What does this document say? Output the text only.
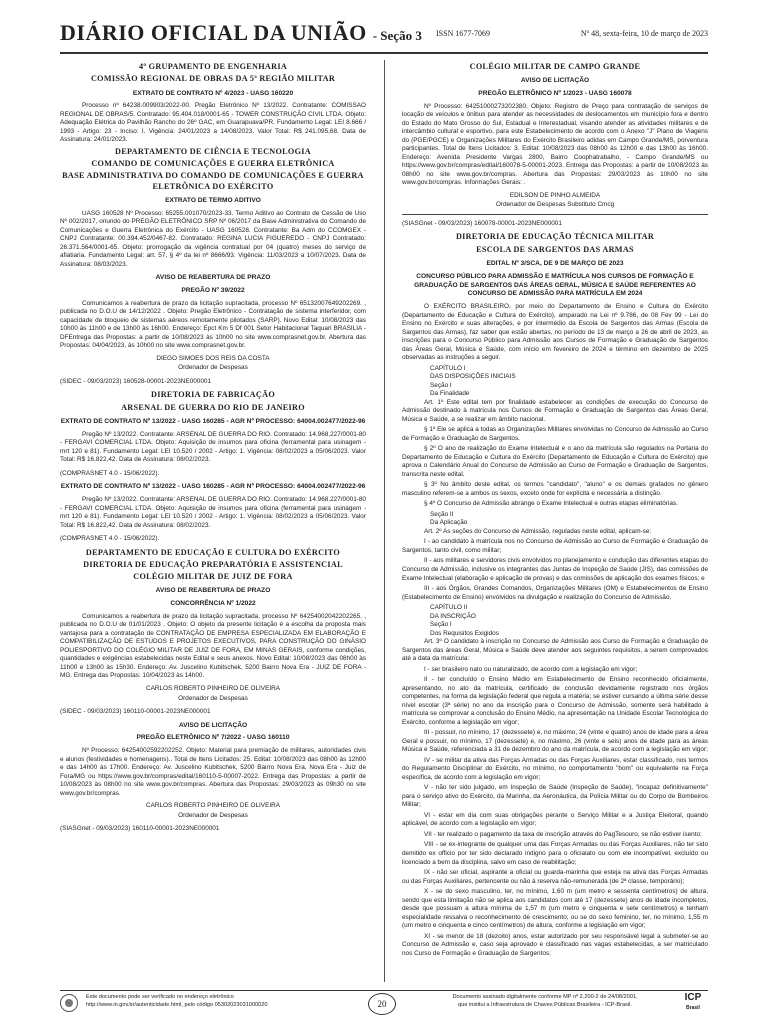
DIÁRIO OFICIAL DA UNIÃO - Seção 3 ISSN 1677-7069	Nº 48, sexta-feira, 10 de março de 2023
4º GRUPAMENTO DE ENGENHARIA
COMISSÃO REGIONAL DE OBRAS DA 5ª REGIÃO MILITAR
EXTRATO DE CONTRATO Nº 4/2023 - UASG 160220

Processo nº 64238.009903/2022-00. Pregão Eletrônico Nº 13/2022. Contratante: COMISSAO REGIONAL DE OBRAS/5. Contratado: 95.404.018/0001-65 - TOWER CONSTRUÇÃO CIVIL LTDA. Objeto: Adequação Elétrica do Pavilhão Rancho do 26º GAC, em Guarapuava/PR. Fundamento Legal: LEI 8.666 / 1993 - Artigo: 23 - Inciso: I. Vigência: 24/01/2023 a 14/08/2023. Valor Total: R$ 241.095,68. Data de Assinatura: 24/01/2023.

DEPARTAMENTO DE CIÊNCIA E TECNOLOGIA
COMANDO DE COMUNICAÇÕES E GUERRA ELETRÔNICA
BASE ADMINISTRATIVA DO COMANDO DE COMUNICAÇÕES E GUERRA ELETRÔNICA DO EXÉRCITO
EXTRATO DE TERMO ADITIVO

UASG 160528 Nº Processo: 65255.001070/2023-33. Termo Aditivo ao Contrato de Cessão de Uso Nº 002/2017, oriundo do PREGÃO ELETRÔNICO SRP Nº 06/2017 da Base Administrativa do Comando de Comunicações e Guerra Eletrônica do Exército - UASG 160528. Contratante: Ba Adm do CCOMGEX - CNPJ Contratante: 00.394.452/0467-82. Contratado: REGINA LUCIA FIGUEREDO - CNPJ Contratado: 26.371.564/0001-65. Objeto: prorrogação da vigência contratual por 04 (quatro) meses do serviço de afiatiaria. Fundamento Legal: art. 57, § 4º da lei nº 8666/93. Vigência: 11/03/2023 a 10/07/2023. Data de Assinatura: 08/03/2023.

AVISO DE REABERTURA DE PRAZO
PREGÃO Nº 39/2022

Comunicamos a reabertura de prazo da licitação supracitada, processo Nº 65132007649202269. , publicada no D.O.U de 14/12/2022 . Objeto: Pregão Eletrônico - Contratação de sistema interferidor, com capacidade de bloqueio de sistemas aéreos remotamente pilotados (SARP). Novo Edital: 10/08/2023 das 10h00 às 11h00 e de 13h00 às 16h00. Endereço: Epct Km 5 Df 001 Setor Habitacional Taquari BRASILIA - DFEntrega das Propostas: a partir de 10/08/2023 às 10h00 no site www.comprasnet.gov.br. Abertura das Propostas: 04/04/2023, às 10h00 no site www.comprasnet.gov.br.

DIEGO SIMOES DOS REIS DA COSTA
Ordenador de Despesas
(SIDEC - 09/03/2023) 160528-00001-2023NE000001
DIRETORIA DE FABRICAÇÃO
ARSENAL DE GUERRA DO RIO DE JANEIRO
EXTRATO DE CONTRATO Nº 13/2022 - UASG 160285 - AGR Nº PROCESSO: 64004.002477/2022-96

Pregão Nº 13/2022. Contratante: ARSENAL DE GUERRA DO RIO. Contratado: 14.968.227/0001-80 - FERGAVI COMERCIAL LTDA. Objeto: Aquisição de insumos para oficina (ferramental para usinagem - mrt 120 e 81). Fundamento Legal: LEI 10.520 / 2002 - Artigo: 1. Vigência: 08/02/2023 a 05/06/2023. Valor Total: R$ 16.822,42. Data de Assinatura: 08/02/2023.

(COMPRASNET 4.0 - 15/06/2022).
EXTRATO DE CONTRATO Nº 13/2022 - UASG 160285 - AGR Nº PROCESSO: 64004.002477/2022-96

Pregão Nº 13/2022. Contratante: ARSENAL DE GUERRA DO RIO. Contratado: 14.968.227/0001-80 - FERGAVI COMERCIAL LTDA. Objeto: Aquisição de insumos para oficina (ferramental para usinagem - mrt 120 e 81). Fundamento Legal: LEI 10.520 / 2002 - Artigo: 1. Vigência: 08/02/2023 a 05/06/2023. Valor Total: R$ 16.822,42. Data de Assinatura: 08/02/2023.

(COMPRASNET 4.0 - 15/06/2022).
DEPARTAMENTO DE EDUCAÇÃO E CULTURA DO EXÉRCITO
DIRETORIA DE EDUCAÇÃO PREPARATÓRIA E ASSISTENCIAL
COLÉGIO MILITAR DE JUIZ DE FORA
AVISO DE REABERTURA DE PRAZO
CONCORRÊNCIA Nº 1/2022

Comunicamos a reabertura de prazo da licitação supracitada, processo Nº 64254002042202265. , publicada no D.O.U de 01/01/2023 . Objeto: O objeto da presente licitação é a escolha da proposta mais vantajosa para a contratação de CONTRATAÇÃO DE EMPRESA ESPECIALIZADA EM ELABORAÇÃO E COMPATIBILIZAÇÃO DE ESTUDOS E PROJETOS EXECUTIVOS, PARA CONSTRUÇÃO DO GINÁSIO POLIESPORTIVO DO COLÉGIO MILITAR DE JUIZ DE FORA, EM MINAS GERAIS, conforme condições, quantidades e exigências estabelecidas neste Edital e seus anexos. Novo Edital: 10/08/2023 das 08h00 às 11h00 e 13h00 às 15h30. Endereço: Av. Juscelino Kubitschek, 5200 Bairro Nova Era - JUIZ DE FORA - MG. Entrega das Propostas: 10/04/2023 às 14h00.

CARLOS ROBERTO PINHEIRO DE OLIVEIRA
Ordenador de Despesas
(SIDEC - 09/03/2023) 160110-00001-2023NE000001
AVISO DE LICITAÇÃO
PREGÃO ELETRÔNICO Nº 7/2022 - UASG 160110

Nº Processo: 64254002592202252. Objeto: Material para premiação de militares, autoridades civis e alunos (festividades e homenagens).. Total de Itens Licitados: 25. Edital: 10/08/2023 das 08h00 às 12h00 e das 14h00 às 17h00. Endereço: Av. Juscelino Kubitschek, 5200 Bairro Nova Era, Nova Era - Juiz de Fora/MG ou https://www.gov.br/compras/edital/160110-5-00007-2022. Entrega das Propostas: a partir de 10/08/2023 às 08h00 no site www.gov.br/compras. Abertura das Propostas: 29/03/2023 às 09h30 no site www.gov.br/compras.

CARLOS ROBERTO PINHEIRO DE OLIVEIRA
Ordenador de Despesas
(SIASGnet - 09/03/2023) 160110-00001-2023NE000001
COLÉGIO MILITAR DE CAMPO GRANDE
AVISO DE LICITAÇÃO
PREGÃO ELETRÔNICO Nº 1/2023 - UASG 160078

Nº Processo: 64251000273202380. Objeto: Registro de Preço para contratação de serviços de locação de veículos e ônibus para atender as necessidades de deslocamentos em município fora e dentro do Estado do Mato Grosso do Sul, Estadual e Interestadual, visando atender as atividades militares e de intercâmbio cultural e esportivo, para este Estabelecimento de acordo com o Anexo "J" Plano de Viagens do (PGE/PGCE) e Organizações Militares do Exército Brasileiro adidas em Campo Grande/MS, porventura participantes. Total de Itens Licitados: 3. Edital: 10/08/2023 das 08h00 às 12h00 e das 13h00 às 16h00. Endereço: Avenida Presidente Vargas 2800, Bairro Coophatrabalho, - Campo Grande/MS ou https://www.gov.br/compras/edital/160078-5-00001-2023. Entrega das Propostas: a partir de 10/08/2023 às 08h00 no site www.gov.br/compras. Abertura das Propostas: 29/03/2023 às 10h00 no site www.gov.br/compras. Informações Gerais: .

EDILSON DE PINHO ALMEIDA
Ordenador de Despesas Substituto Cmcg
(SIASGnet - 09/03/2023) 160078-00001-2023NE000001
DIRETORIA DE EDUCAÇÃO TÉCNICA MILITAR
ESCOLA DE SARGENTOS DAS ARMAS
EDITAL Nº 3/SCA, DE 9 DE MARÇO DE 2023
CONCURSO PÚBLICO PARA ADMISSÃO E MATRÍCULA NOS CURSOS DE FORMAÇÃO E GRADUAÇÃO DE SARGENTOS DAS ÁREAS GERAL, MÚSICA E SAÚDE REFERENTES AO CONCURSO DE ADMISSÃO PARA MATRÍCULA EM 2024

O EXÉRCITO BRASILEIRO, por meio do Departamento de Ensino e Cultura do Exército (Departamento de Educação e Cultura do Exército), amparado na Lei nº 9.786, de 08 Fev 99 - Lei do Ensino no Exército e suas alterações, e por intermédio da Escola de Sargentos das Armas (Escola de Sargentos das Armas), faz saber que estão abertas, no período de 13 de março a 26 de abril de 2023, as inscrições para o Concurso Público para Admissão aos Cursos de Formação e Graduação de Sargentos das Áreas Geral, Música e Saúde, com início em fevereiro de 2024 e término em dezembro de 2025 observadas as instruções a seguir.

CAPÍTULO I

DAS DISPOSIÇÕES INICIAIS

Seção I

Da Finalidade

Art. 1º Este edital tem por finalidade estabelecer as condições de execução do Concurso de Admissão destinado à matrícula nos Cursos de Formação e Graduação de Sargentos das Áreas Geral, Música e Saúde, a se realizar em âmbito nacional.

§ 1º Ele se aplica a todas as Organizações Militares envolvidas no Concurso de Admissão ao Curso de Formação e Graduação de Sargentos.

§ 2º O ano de realização do Exame Intelectual e o ano da matrícula são regulados na Portaria do Departamento de Educação e Cultura do Exército (Departamento de Educação e Cultura do Exército) que aprova o Calendário Anual do Concurso de Admissão ao Curso de Formação e Graduação de Sargentos, transcrita neste edital.

§ 3º No âmbito deste edital, os termos "candidato", "aluno" e os demais grafados no gênero masculino referem-se a ambos os sexos, exceto onde for explícita e necessária a distinção.

§ 4º O Concurso de Admissão abrange o Exame Intelectual e outras etapas eliminatórias.

Seção II

Da Aplicação

Art. 2º As seções do Concurso de Admissão, reguladas neste edital, aplicam-se:

I - ao candidato à matrícula nos no Concurso de Admissão ao Curso de Formação e Graduação de Sargentos, tanto civil, como militar;

II - aos militares e servidores civis envolvidos no planejamento e condução das diferentes etapas do Concurso de Admissão, inclusive os integrantes das Juntas de Inspeção de Saúde (JIS), das comissões de Exame Intelectual (elaboração e aplicação de provas) e das comissões de aplicação dos exames físicos; e

III - aos Órgãos, Grandes Comandos, Organizações Militares (OM) e Estabelecimentos de Ensino (Estabelecimento de Ensino) envolvidos na divulgação e realização do Concurso de Admissão.

CAPÍTULO II

DA INSCRIÇÃO

Seção I

Dos Requisitos Exigidos

Art. 3º O candidato à inscrição no Concurso de Admissão aos Curso de Formação e Graduação de Sargentos das áreas Geral, Música e Saúde deve atender aos seguintes requisitos, a serem comprovados até a data da matrícula:

I - ser brasileiro nato ou naturalizado, de acordo com a legislação em vigor;

II - ter concluído o Ensino Médio em Estabelecimento de Ensino reconhecido oficialmente, apresentando, no ato da matrícula, certificado de conclusão devidamente registrado nos órgãos competentes, na forma da legislação federal que regula a matéria; se estiver cursando a última série desse nível escolar (3ª série) no ano da inscrição para o Concurso de Admissão, somente será habilitado à matrícula se comprovar a conclusão do Ensino Médio, na apresentação na Unidade Escolar Tecnológica do Exército, conforme a legislação em vigor;

III - possuir, no mínimo, 17 (dezessete) e, no máximo, 24 (vinte e quatro) anos de idade para a área Geral e possuir, no mínimo, 17 (dezessete) e, no máximo, 26 (vinte e seis) anos de idade para as áreas Música e Saúde, referenciada a 31 de dezembro do ano da matrícula, de acordo com a legislação em vigor;

IV - se militar da ativa das Forças Armadas ou das Forças Auxiliares, estar classificado, nos termos do Regulamento Disciplinar do Exército, no mínimo, no comportamento "bom" ou equivalente na Força específica, de acordo com a legislação em vigor;

V - não ter sido julgado, em Inspeção de Saúde (Inspeção de Saúde), "incapaz definitivamente" para o serviço ativo do Exército, da Marinha, da Aeronáutica, da Polícia Militar ou do Corpo de Bombeiros Militar;

VI - estar em dia com suas obrigações perante o Serviço Militar e a Justiça Eleitoral, quando aplicável, de acordo com a legislação em vigor;

VII - ter realizado o pagamento da taxa de inscrição através do PagTesouro, se não estiver isento;

VIII - se ex-integrante de qualquer uma das Forças Armadas ou das Forças Auxiliares, não ter sido demitido ex officio por ter sido declarado indigno para o oficialato ou com ele incompatível, excluído ou licenciado a bem da disciplina, salvo em caso de reabilitação;

IX - não ser oficial, aspirante a oficial ou guarda-marinha que esteja na ativa das Forças Armadas ou das Forças Auxiliares, pertencente ou não à reserva não-remunerada (de 2ª classe, temporário);

X - se do sexo masculino, ter, no mínimo, 1,60 m (um metro e sessenta centímetros) de altura, sendo que esta limitação não se aplica aos candidatos com até 17 (dezessete) anos de idade incompletos, desde que possuam a altura mínima de 1,57 m (um metro e cinquenta e sete centímetros) e tenham especialidade ressalva o reconhecimento de crescimento; ou se do sexo feminino, ter, no mínimo, 1,55 m (um metro e cinquenta e cinco centímetros) de altura, conforme a legislação em vigor;

XI - se menor de 18 (dezoito) anos, estar autorizado por seu responsável legal a submeter-se ao Concurso de Admissão e, caso seja aprovado e classificado nas vagas estabelecidas, a ser matriculado nos Curso de Formação e Graduação de Sargentos;

Este documento pode ser verificado no endereço eletrônico
http://www.in.gov.br/autenticidade.html, pelo código 05302023031000020	20
Documento assinado digitalmente conforme MP nº 2.200-2 de 24/08/2001,
que institui a Infraestrutura de Chaves Públicas Brasileira - ICP-Brasil.
ICP
Brasil
